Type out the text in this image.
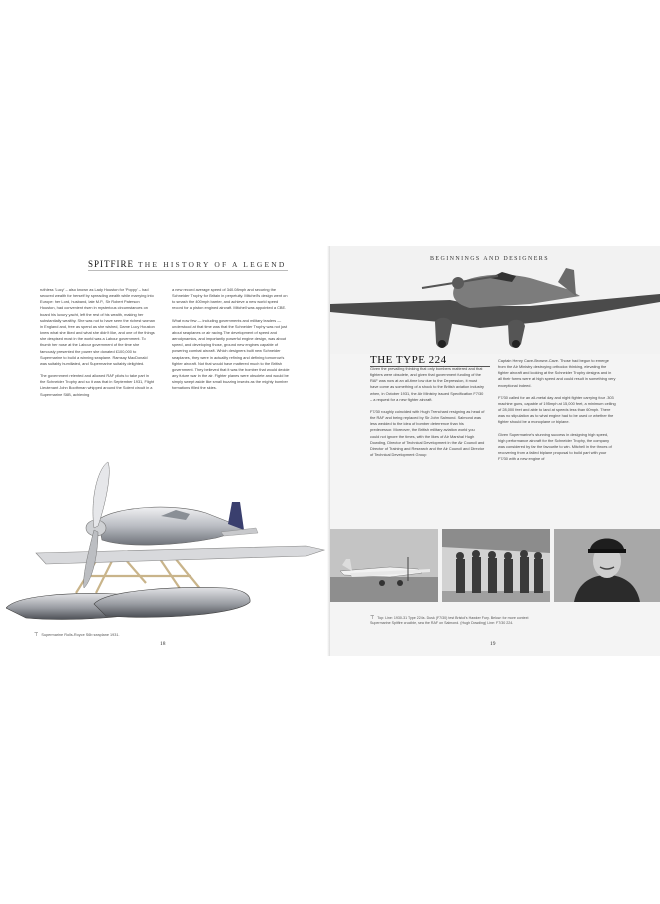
SPITFIRE THE HISTORY OF A LEGEND

ruthless 'Lucy' – also known as Lady Houston for 'Poppy' – had secured wealth for herself by spreading wealth while marrying into Europe: her Lord, husband, late M.P., Sir Robert Paterson Houston, had convenient risen in mysterious circumstances on board his luxury yacht, left the rest of his wealth, making her substantially wealthy. She was not to have seen the richest woman in England and, free as spend as she wished, Dame Lucy Houston knew what she liked and what she didn't like, and one of the things she despised most in the world was a Labour government. To thumb her nose at the Labour government of the time she famously presented the power she donated £100,000 to Supermarine to build a winning seaplane. Ramsay MacDonald was suitably humiliated, and Supermarine suitably delighted.

The government relented and allowed RAF pilots to take part in the Schneider Trophy and so it was that in September 1931, Flight Lieutenant John Boothman whipped around the Solent circuit in a Supermarine S6B, achieving

a new record average speed of 340.08mph and securing the Schneider Trophy for Britain in perpetuity. Mitchell's design went on to smash the 400mph barrier, and achieve a new world speed record for a piston engined aircraft. Mitchell was appointed a CBE.

What now few — including governments and military leaders — understood at that time was that the Schneider Trophy was not just about seaplanes or air racing.The development of speed and aerodynamics, and importantly powerful engine design, was about speed, and developing those, ground new engines capable of powering combat aircraft. Which designers built new Schneider seaplanes, they were in actuality refining and defining tomorrow's fighter aircraft. Not that would have mattered much to the British government. They believed that it was the bomber that would decide any future war in the air. Fighter planes were obsolete and would be simply swept aside like small buzzing insects as the mighty bomber formations filled the skies.

⊤ Supermarine Rolls-Royce S6b seaplane 1931.
18
BEGINNINGS AND DESIGNERS
THE TYPE 224

Given the prevailing thinking that only bombers mattered and that fighters were obsolete, and given that government funding of the RAF was now at an all-time low due to the Depression, it must have come as something of a shock to the British aviation industry when, in October 1931, the Air Ministry issued Specification F7/30 – a request for a new fighter aircraft.

F7/30 roughly coincided with Hugh Trenchard resigning as head of the RAF and being replaced by Sir John Salmond. Salmond was less wedded to the idea of bomber deterrence than his predecessor. Moreover, the British military aviation world you could not ignore the times, with the likes of Air Marshal Hugh Dowding, Director of Technical Development in the Air Council and Director of Training and Research and the Air Council and Director of Technical Development Group

Captain Henry Cave-Browne-Cave. Those had begun to emerge from the Air Ministry destroying orthodox thinking, elevating the fighter aircraft and looking at the Schneider Trophy designs and in all their forms were at high speed and could result in something very exceptional indeed.

F7/30 called for an all-metal day and night fighter carrying four .303 machine guns, capable of 195mph at 15,000 feet, a minimum ceiling of 28,000 feet and able to land at speeds less than 60mph. There was no stipulation as to what engine had to be used or whether the fighter should be a monoplane or biplane.

Given Supermarine's stunning success in designing high speed, high performance aircraft for the Schneider Trophy, the company was considered by far the favourite to win. Mitchell in the throes of recovering from a failed biplane proposal to build part with your F7/30 with a new engine of

⊤ Top: Line: 1930-31 Type 224s. Dusk (F7/30) test Bristol's Hawker Fury. Below: for more context Supermarine Spitfire crucible, sea the RAF on Salmond. (Hugh Dowding) Line: F7/30 224.
19
